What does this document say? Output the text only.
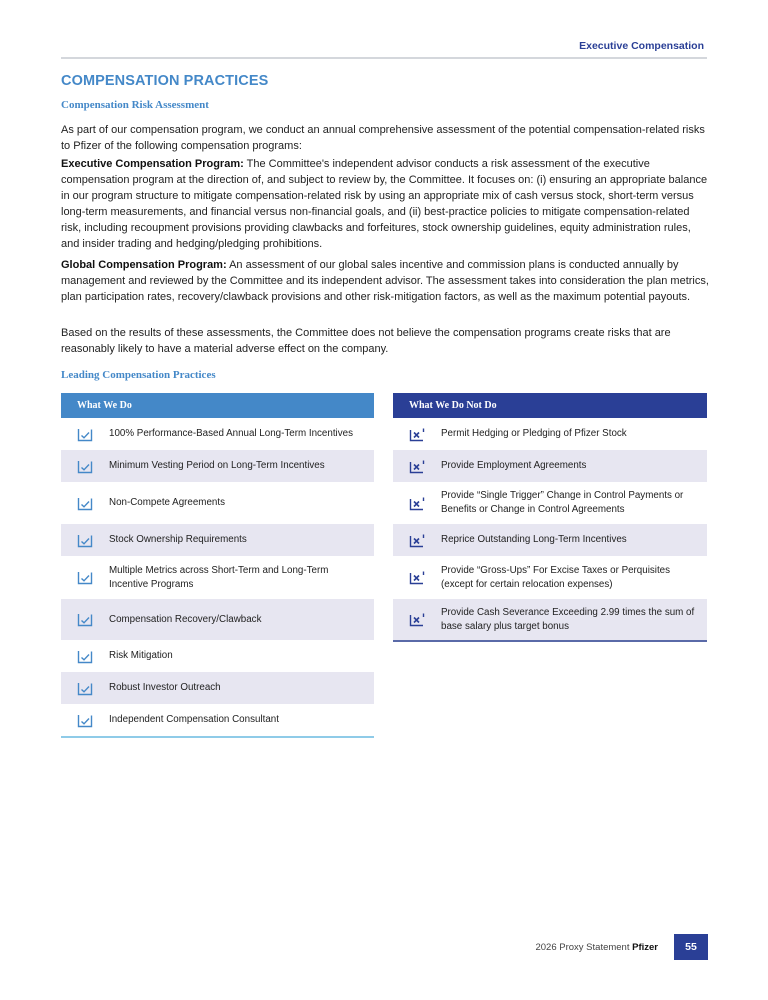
Executive Compensation
COMPENSATION PRACTICES
Compensation Risk Assessment

As part of our compensation program, we conduct an annual comprehensive assessment of the potential compensation-related risks to Pfizer of the following compensation programs:

Executive Compensation Program: The Committee's independent advisor conducts a risk assessment of the executive compensation program at the direction of, and subject to review by, the Committee. It focuses on: (i) ensuring an appropriate balance in our program structure to mitigate compensation-related risk by using an appropriate mix of cash versus stock, short-term versus long-term measurements, and financial versus non-financial goals, and (ii) best-practice policies to mitigate compensation-related risk, including recoupment provisions providing clawbacks and forfeitures, stock ownership guidelines, equity administration rules, and insider trading and hedging/pledging prohibitions.

Global Compensation Program: An assessment of our global sales incentive and commission plans is conducted annually by management and reviewed by the Committee and its independent advisor. The assessment takes into consideration the plan metrics, plan participation rates, recovery/clawback provisions and other risk-mitigation factors, as well as the maximum potential payouts.

Based on the results of these assessments, the Committee does not believe the compensation programs create risks that are reasonably likely to have a material adverse effect on the company.

Leading Compensation Practices
What We Do
100% Performance-Based Annual Long-Term Incentives
Minimum Vesting Period on Long-Term Incentives
Non-Compete Agreements
Stock Ownership Requirements
Multiple Metrics across Short-Term and Long-Term Incentive Programs
Compensation Recovery/Clawback
Risk Mitigation
Robust Investor Outreach
Independent Compensation Consultant
What We Do Not Do
Permit Hedging or Pledging of Pfizer Stock
Provide Employment Agreements
Provide “Single Trigger” Change in Control Payments or Benefits or Change in Control Agreements
Reprice Outstanding Long-Term Incentives
Provide “Gross-Ups” For Excise Taxes or Perquisites (except for certain relocation expenses)
Provide Cash Severance Exceeding 2.99 times the sum of base salary plus target bonus
2026 Proxy Statement Pfizer	55
